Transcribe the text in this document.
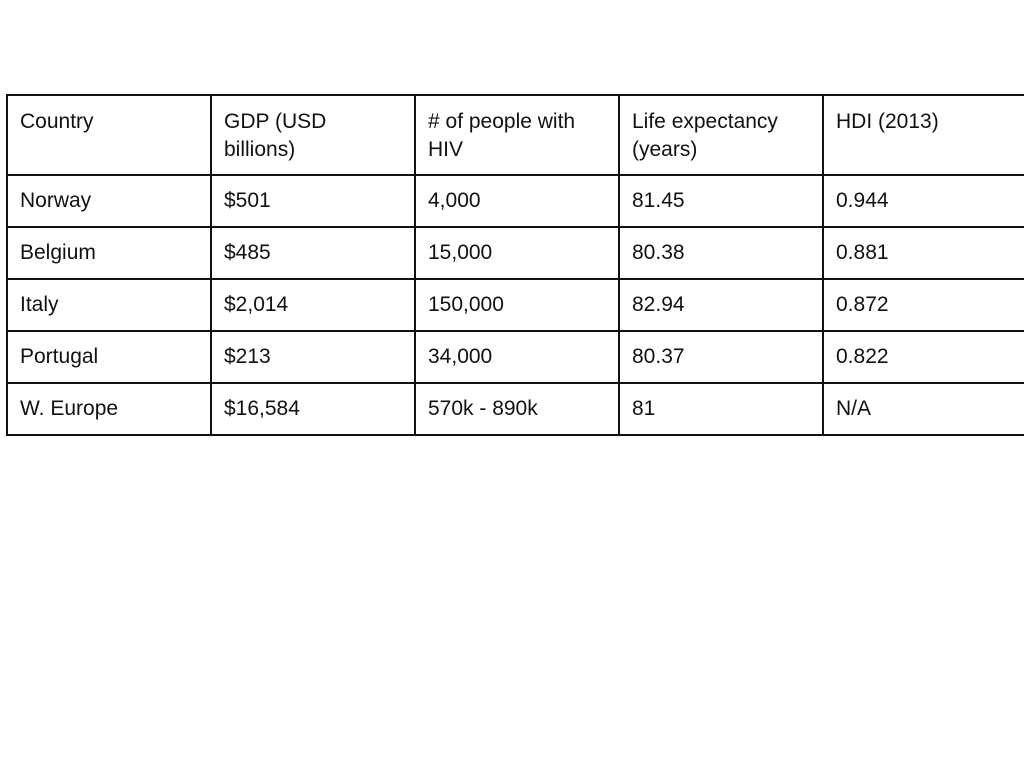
Country	GDP (USD billions)	# of people with HIV	Life expectancy (years)	HDI (2013)
Norway	$501	4,000	81.45	0.944
Belgium	$485	15,000	80.38	0.881
Italy	$2,014	150,000	82.94	0.872
Portugal	$213	34,000	80.37	0.822
W. Europe	$16,584	570k - 890k	81	N/A
